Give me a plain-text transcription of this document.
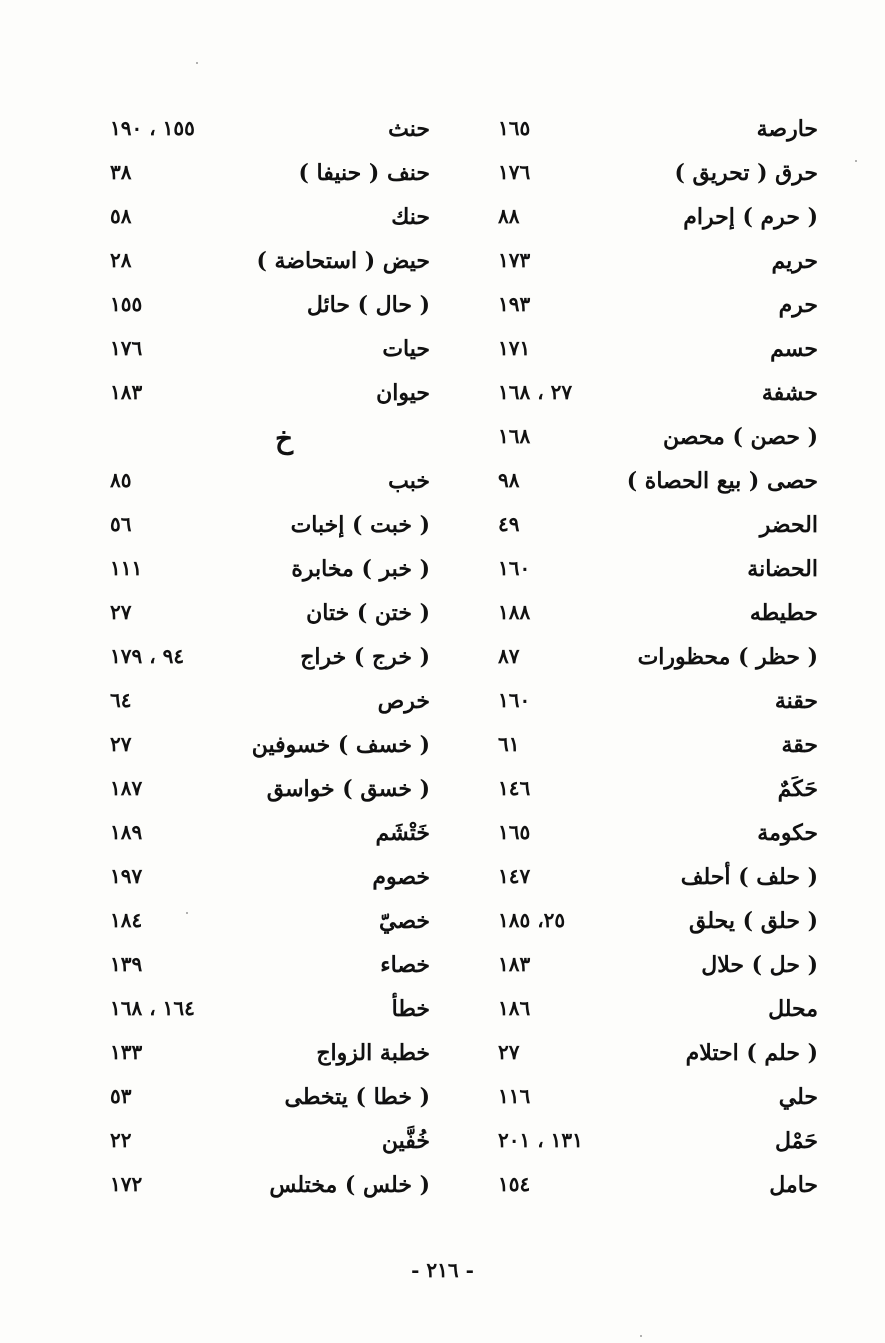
حارصة
١٦٥
حرق ( تحريق )
١٧٦
( حرم ) إحرام
٨٨
حريم
١٧٣
حرم
١٩٣
حسم
١٧١
حشفة
٢٧ ، ١٦٨
( حصن ) محصن
١٦٨
حصى ( بيع الحصاة )
٩٨
الحضر
٤٩
الحضانة
١٦٠
حطيطه
١٨٨
( حظر ) محظورات
٨٧
حقنة
١٦٠
حقة
٦١
حَكَمٌ
١٤٦
حكومة
١٦٥
( حلف ) أحلف
١٤٧
( حلق ) يحلق
٢٥، ١٨٥
( حل ) حلال
١٨٣
محلل
١٨٦
( حلم ) احتلام
٢٧
حلي
١١٦
حَمْل
١٣١ ، ٢٠١
حامل
١٥٤
حنث
١٥٥ ، ١٩٠
حنف ( حنيفا )
٣٨
حنك
٥٨
حيض ( استحاضة )
٢٨
( حال ) حائل
١٥٥
حيات
١٧٦
حيوان
١٨٣
خ
خبب
٨٥
( خبت ) إخبات
٥٦
( خبر ) مخابرة
١١١
( ختن ) ختان
٢٧
( خرج ) خراج
٩٤ ، ١٧٩
خرص
٦٤
( خسف ) خسوفين
٢٧
( خسق ) خواسق
١٨٧
خَتْشَم
١٨٩
خصوم
١٩٧
خصيّ
١٨٤
خصاء
١٣٩
خطأ
١٦٤ ، ١٦٨
خطبة الزواج
١٣٣
( خطا ) يتخطى
٥٣
خُفَّين
٢٢
( خلس ) مختلس
١٧٢
- ٢١٦ -
